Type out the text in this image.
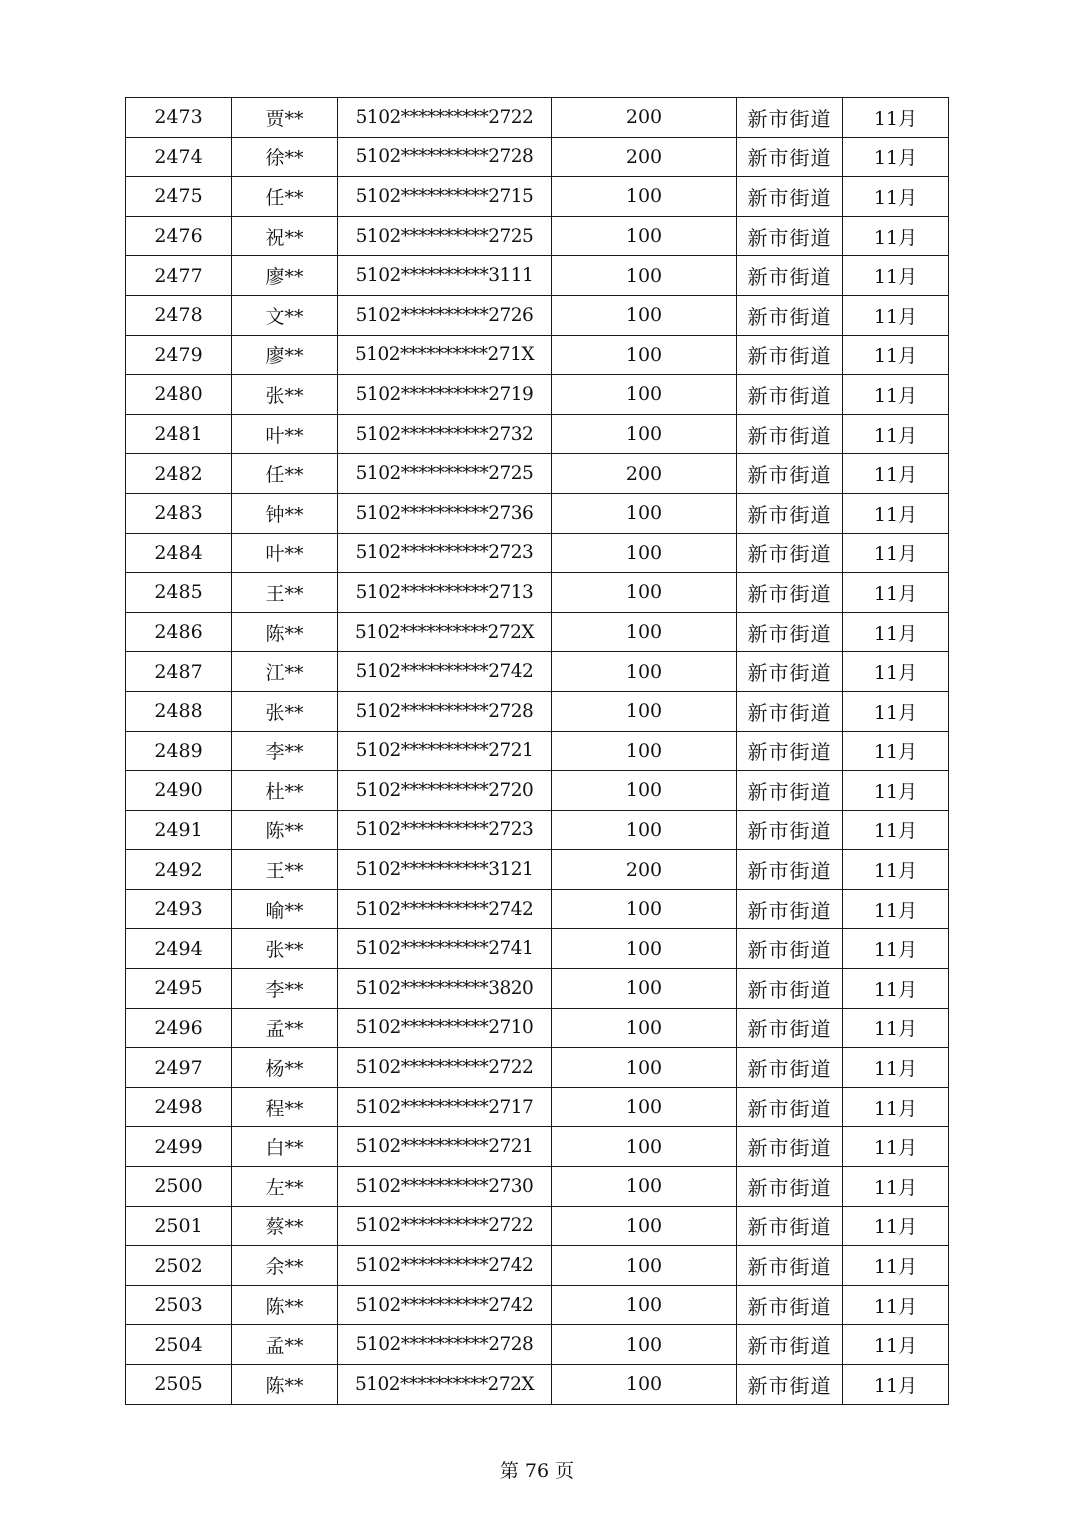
2473	贾**	5102**********2722	200	新市街道	11月
2474	徐**	5102**********2728	200	新市街道	11月
2475	任**	5102**********2715	100	新市街道	11月
2476	祝**	5102**********2725	100	新市街道	11月
2477	廖**	5102**********3111	100	新市街道	11月
2478	文**	5102**********2726	100	新市街道	11月
2479	廖**	5102**********271X	100	新市街道	11月
2480	张**	5102**********2719	100	新市街道	11月
2481	叶**	5102**********2732	100	新市街道	11月
2482	任**	5102**********2725	200	新市街道	11月
2483	钟**	5102**********2736	100	新市街道	11月
2484	叶**	5102**********2723	100	新市街道	11月
2485	王**	5102**********2713	100	新市街道	11月
2486	陈**	5102**********272X	100	新市街道	11月
2487	江**	5102**********2742	100	新市街道	11月
2488	张**	5102**********2728	100	新市街道	11月
2489	李**	5102**********2721	100	新市街道	11月
2490	杜**	5102**********2720	100	新市街道	11月
2491	陈**	5102**********2723	100	新市街道	11月
2492	王**	5102**********3121	200	新市街道	11月
2493	喻**	5102**********2742	100	新市街道	11月
2494	张**	5102**********2741	100	新市街道	11月
2495	李**	5102**********3820	100	新市街道	11月
2496	孟**	5102**********2710	100	新市街道	11月
2497	杨**	5102**********2722	100	新市街道	11月
2498	程**	5102**********2717	100	新市街道	11月
2499	白**	5102**********2721	100	新市街道	11月
2500	左**	5102**********2730	100	新市街道	11月
2501	蔡**	5102**********2722	100	新市街道	11月
2502	余**	5102**********2742	100	新市街道	11月
2503	陈**	5102**********2742	100	新市街道	11月
2504	孟**	5102**********2728	100	新市街道	11月
2505	陈**	5102**********272X	100	新市街道	11月
第 76 页
